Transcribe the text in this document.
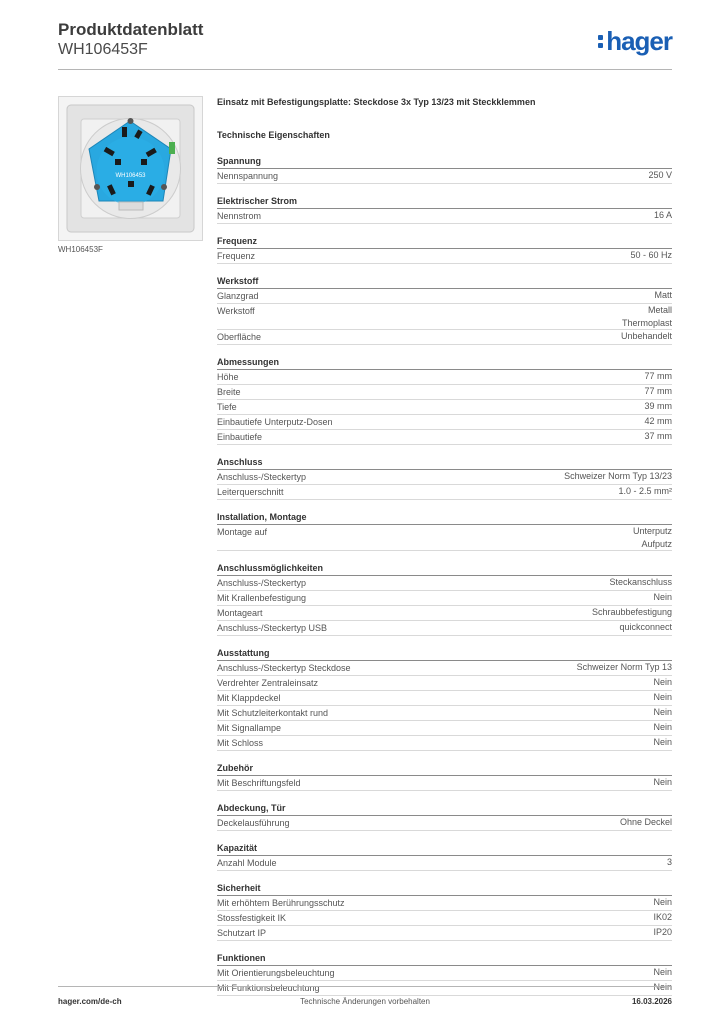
Produktdatenblatt
WH106453F	hager
WH106453
WH106453F
Einsatz mit Befestigungsplatte: Steckdose 3x Typ 13/23 mit Steckklemmen
Technische Eigenschaften
Spannung
Nennspannung	250 V
Elektrischer Strom
Nennstrom	16 A
Frequenz
Frequenz	50 - 60 Hz
Werkstoff
Glanzgrad	Matt
Werkstoff	Metall
Thermoplast
Oberfläche	Unbehandelt
Abmessungen
Höhe	77 mm
Breite	77 mm
Tiefe	39 mm
Einbautiefe Unterputz-Dosen	42 mm
Einbautiefe	37 mm
Anschluss
Anschluss-/Steckertyp	Schweizer Norm Typ 13/23
Leiterquerschnitt	1.0 - 2.5 mm²
Installation, Montage
Montage auf	Unterputz
Aufputz
Anschlussmöglichkeiten
Anschluss-/Steckertyp	Steckanschluss
Mit Krallenbefestigung	Nein
Montageart	Schraubbefestigung
Anschluss-/Steckertyp USB	quickconnect
Ausstattung
Anschluss-/Steckertyp Steckdose	Schweizer Norm Typ 13
Verdrehter Zentraleinsatz	Nein
Mit Klappdeckel	Nein
Mit Schutzleiterkontakt rund	Nein
Mit Signallampe	Nein
Mit Schloss	Nein
Zubehör
Mit Beschriftungsfeld	Nein
Abdeckung, Tür
Deckelausführung	Ohne Deckel
Kapazität
Anzahl Module	3
Sicherheit
Mit erhöhtem Berührungsschutz	Nein
Stossfestigkeit IK	IK02
Schutzart IP	IP20
Funktionen
Mit Orientierungsbeleuchtung	Nein
Mit Funktionsbeleuchtung	Nein
hager.com/de-ch	Technische Änderungen vorbehalten	16.03.2026
